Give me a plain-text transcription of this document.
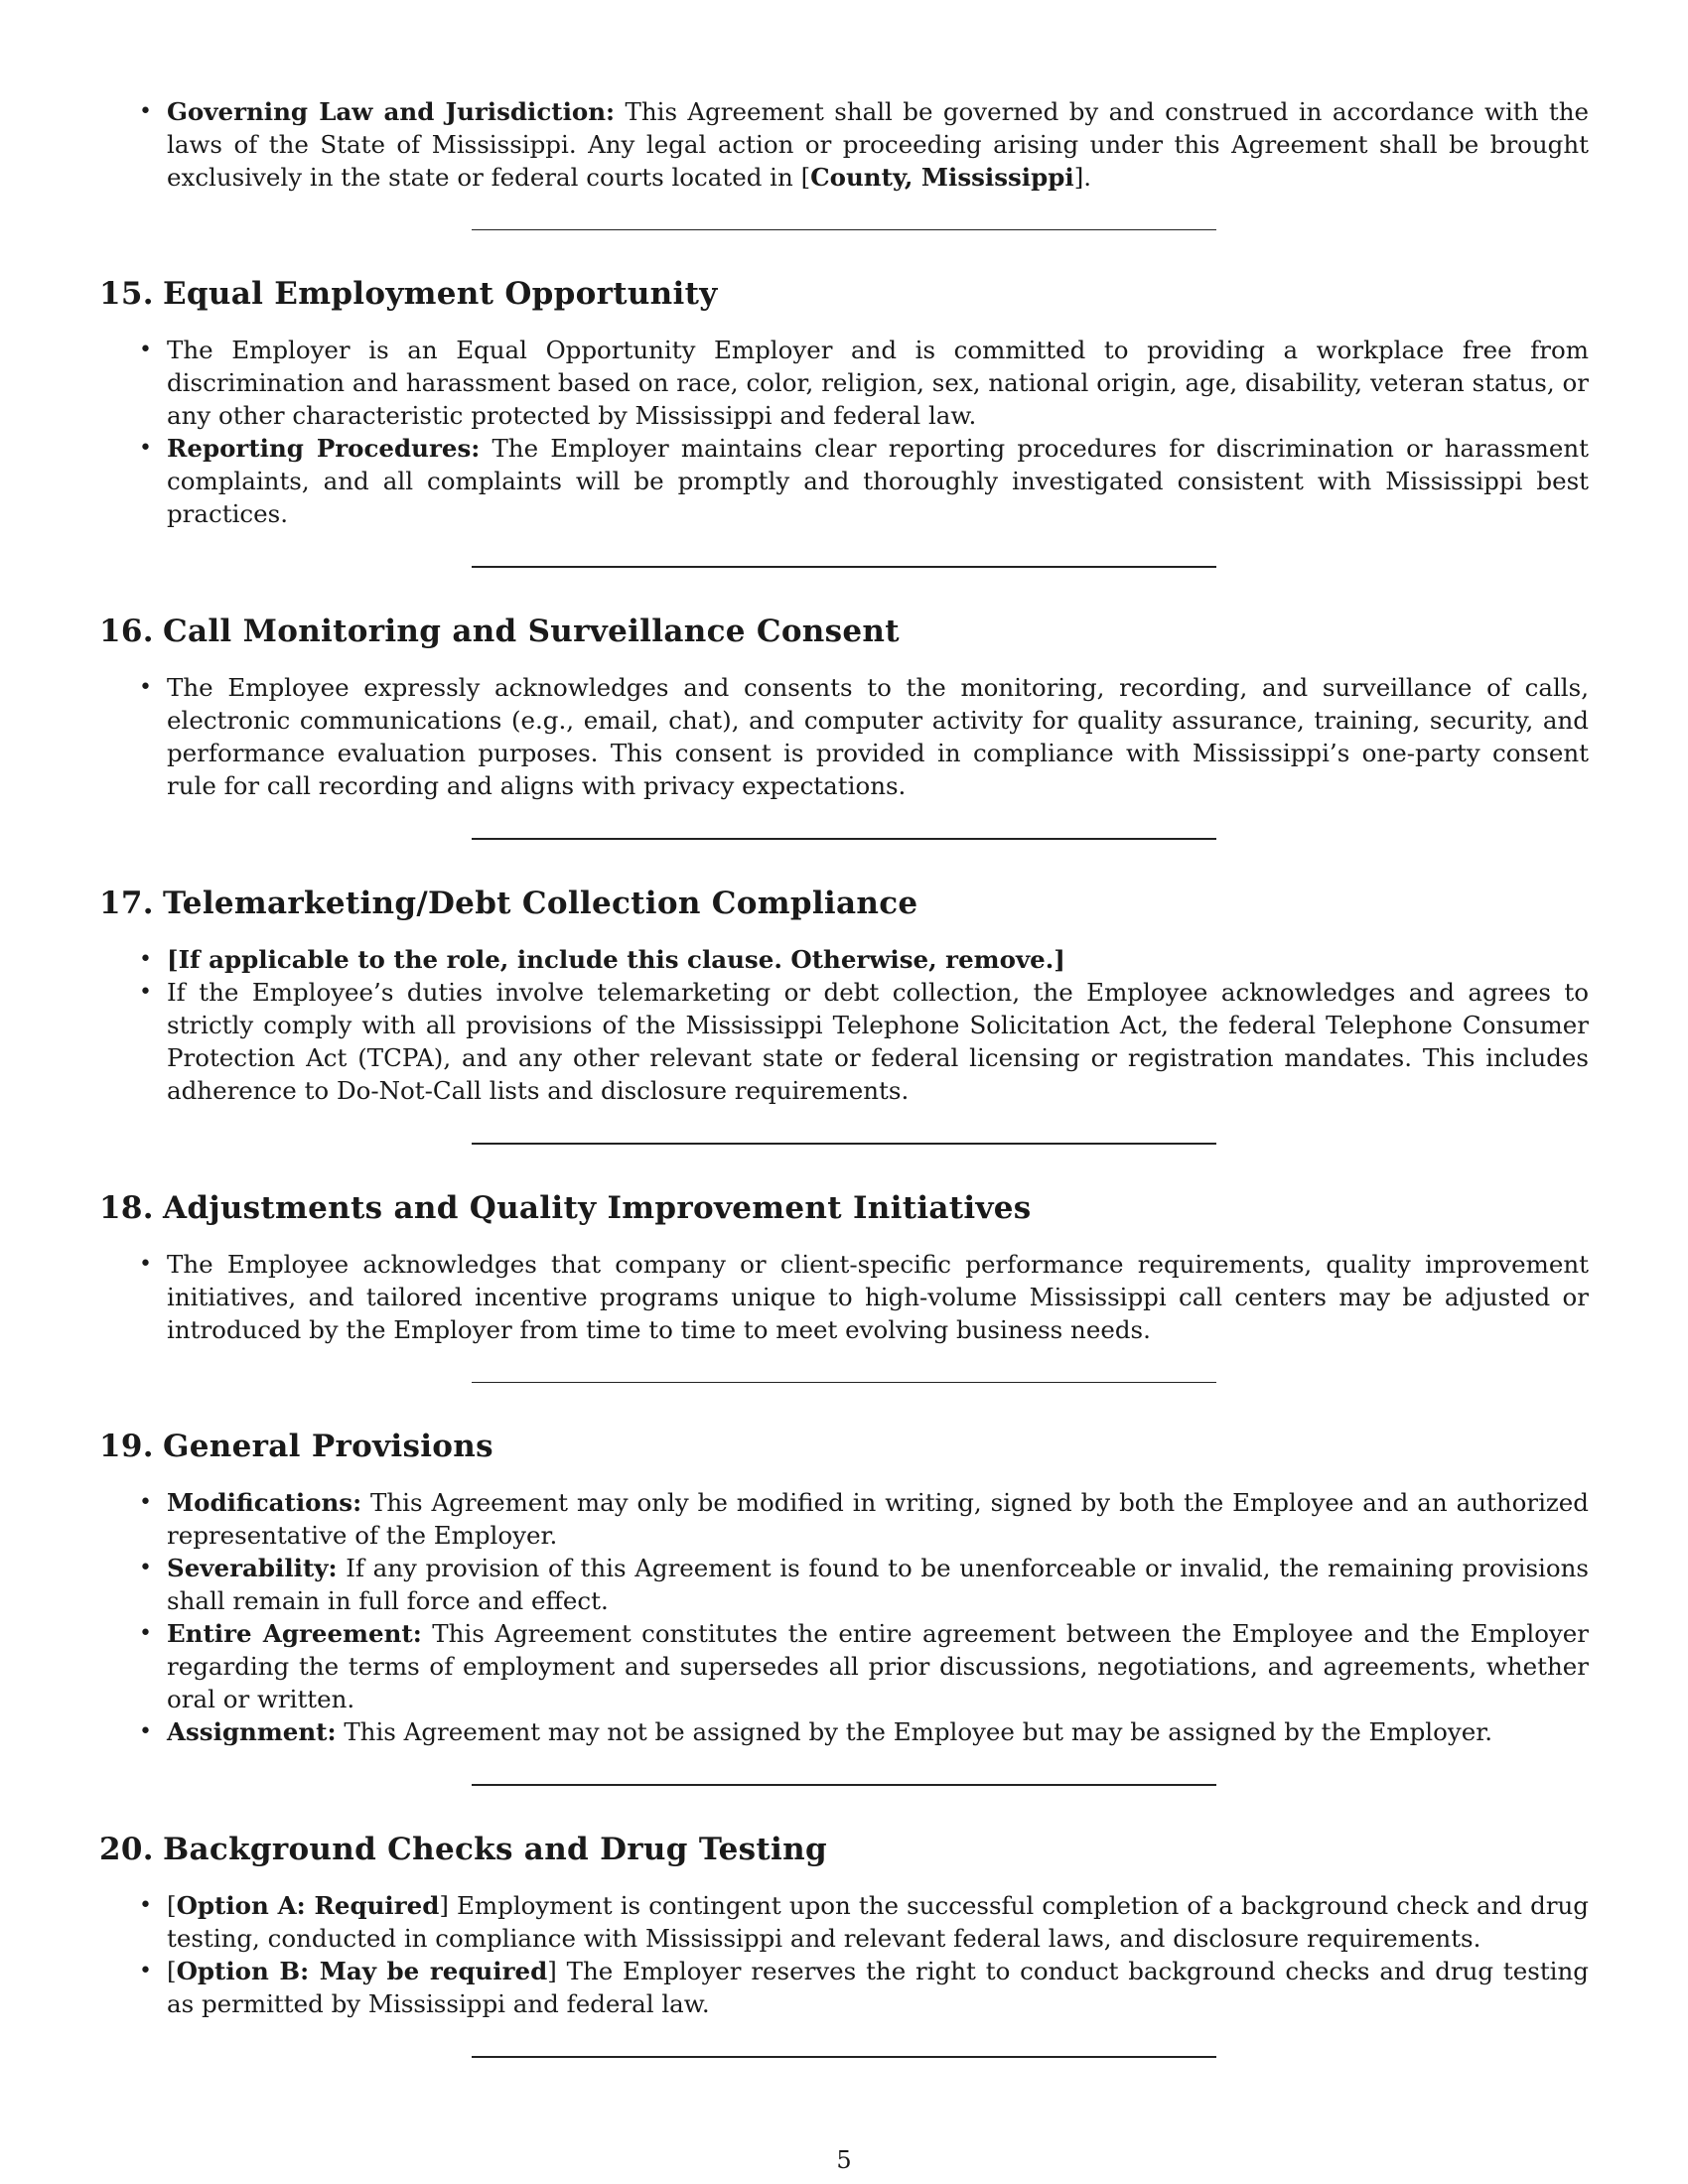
• Governing Law and Jurisdiction: This Agreement shall be governed by and construed in accordance with the laws of the State of Mississippi. Any legal action or proceeding arising under this Agreement shall be brought exclusively in the state or federal courts located in [County, Mississippi].
15. Equal Employment Opportunity
• The Employer is an Equal Opportunity Employer and is committed to providing a workplace free from discrimination and harassment based on race, color, religion, sex, national origin, age, disability, veteran status, or any other characteristic protected by Mississippi and federal law.
• Reporting Procedures: The Employer maintains clear reporting procedures for discrimination or harassment complaints, and all complaints will be promptly and thoroughly investigated consistent with Mississippi best practices.
16. Call Monitoring and Surveillance Consent
• The Employee expressly acknowledges and consents to the monitoring, recording, and surveillance of calls, electronic communications (e.g., email, chat), and computer activity for quality assurance, training, security, and performance evaluation purposes. This consent is provided in compliance with Mississippi’s one-party consent rule for call recording and aligns with privacy expectations.
17. Telemarketing/Debt Collection Compliance
• [If applicable to the role, include this clause. Otherwise, remove.]
• If the Employee’s duties involve telemarketing or debt collection, the Employee acknowledges and agrees to strictly comply with all provisions of the Mississippi Telephone Solicitation Act, the federal Telephone Consumer Protection Act (TCPA), and any other relevant state or federal licensing or registration mandates. This includes adherence to Do-Not-Call lists and disclosure requirements.
18. Adjustments and Quality Improvement Initiatives
• The Employee acknowledges that company or client-specific performance requirements, quality improvement initiatives, and tailored incentive programs unique to high-volume Mississippi call centers may be adjusted or introduced by the Employer from time to time to meet evolving business needs.
19. General Provisions
• Modifications: This Agreement may only be modified in writing, signed by both the Employee and an authorized representative of the Employer.
• Severability: If any provision of this Agreement is found to be unenforceable or invalid, the remaining provisions shall remain in full force and effect.
• Entire Agreement: This Agreement constitutes the entire agreement between the Employee and the Employer regarding the terms of employment and supersedes all prior discussions, negotiations, and agreements, whether oral or written.
• Assignment: This Agreement may not be assigned by the Employee but may be assigned by the Employer.
20. Background Checks and Drug Testing
• [Option A: Required] Employment is contingent upon the successful completion of a background check and drug testing, conducted in compliance with Mississippi and relevant federal laws, and disclosure requirements.
• [Option B: May be required] The Employer reserves the right to conduct background checks and drug testing as permitted by Mississippi and federal law.
5
